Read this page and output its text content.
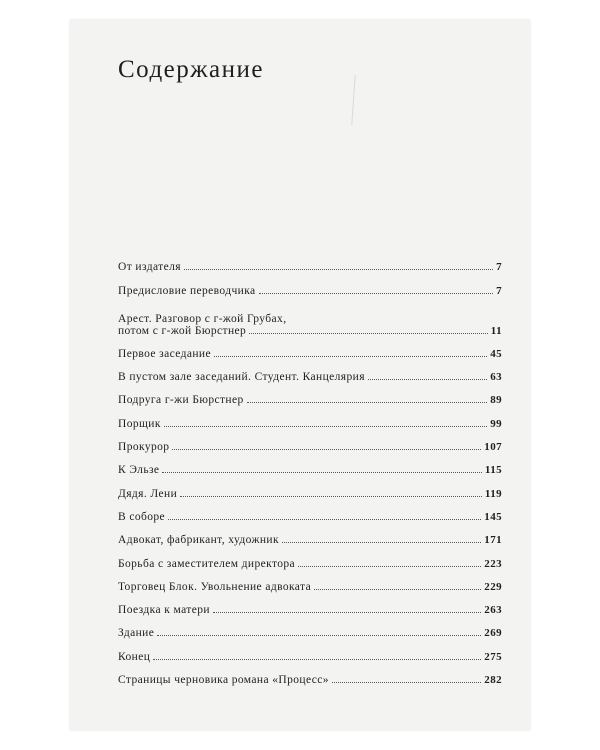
Содержание
От издателя	7
Предисловие переводчика	7
Арест. Разговор с г-жой Грубах,
потом с г-жой Бюрстнер	11
Первое заседание	45
В пустом зале заседаний. Студент. Канцелярия	63
Подруга г-жи Бюрстнер	89
Порщик	99
Прокурор	107
К Эльзе	115
Дядя. Лени	119
В соборе	145
Адвокат, фабрикант, художник	171
Борьба с заместителем директора	223
Торговец Блок. Увольнение адвоката	229
Поездка к матери	263
Здание	269
Конец	275
Страницы черновика романа «Процесс»	282
